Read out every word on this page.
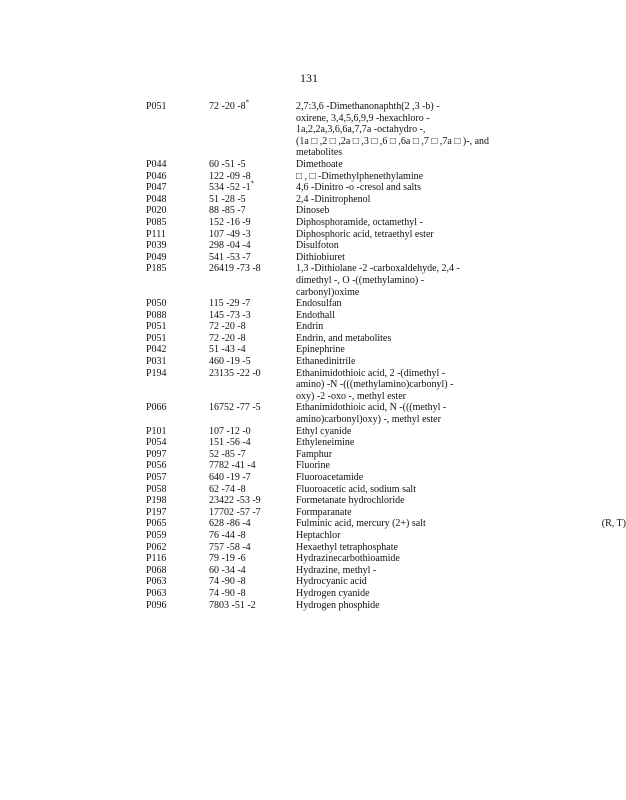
131
P051	72 -20 -8*	2,7:3,6 -Dimethanonaphth(2 ,3 -b) -
oxirene, 3,4,5,6,9,9 -hexachloro -
1a,2,2a,3,6,6a,7,7a -octahydro -,
(1a □ ,2 □ ,2a □ ,3 □ ,6 □ ,6a □ ,7 □ ,7a □ )-, and
metabolites
P044	60 -51 -5	Dimethoate
P046	122 -09 -8	□ , □ -Dimethylphenethylamine
P047	534 -52 -1*	4,6 -Dinitro -o -cresol and salts
P048	51 -28 -5	2,4 -Dinitrophenol
P020	88 -85 -7	Dinoseb
P085	152 -16 -9	Diphosphoramide, octamethyl -
P111	107 -49 -3	Diphosphoric acid, tetraethyl ester
P039	298 -04 -4	Disulfoton
P049	541 -53 -7	Dithiobiuret
P185	26419 -73 -8	1,3 -Dithiolane -2 -carboxaldehyde, 2,4 -
dimethyl -, O -((methylamino) -
carbonyl)oxime
P050	115 -29 -7	Endosulfan
P088	145 -73 -3	Endothall
P051	72 -20 -8	Endrin
P051	72 -20 -8	Endrin, and metabolites
P042	51 -43 -4	Epinephrine
P031	460 -19 -5	Ethanedinitrile
P194	23135 -22 -0	Ethanimidothioic acid, 2 -(dimethyl -
amino) -N -(((methylamino)carbonyl) -
oxy) -2 -oxo -, methyl ester
P066	16752 -77 -5	Ethanimidothioic acid, N -(((methyl -
amino)carbonyl)oxy) -, methyl ester
P101	107 -12 -0	Ethyl cyanide
P054	151 -56 -4	Ethyleneimine
P097	52 -85 -7	Famphur
P056	7782 -41 -4	Fluorine
P057	640 -19 -7	Fluoroacetamide
P058	62 -74 -8	Fluoroacetic acid, sodium salt
P198	23422 -53 -9	Formetanate hydrochloride
P197	17702 -57 -7	Formparanate
P065	628 -86 -4	Fulminic acid, mercury (2+) salt	(R, T)
P059	76 -44 -8	Heptachlor
P062	757 -58 -4	Hexaethyl tetraphosphate
P116	79 -19 -6	Hydrazinecarbothioamide
P068	60 -34 -4	Hydrazine, methyl -
P063	74 -90 -8	Hydrocyanic acid
P063	74 -90 -8	Hydrogen cyanide
P096	7803 -51 -2	Hydrogen phosphide
